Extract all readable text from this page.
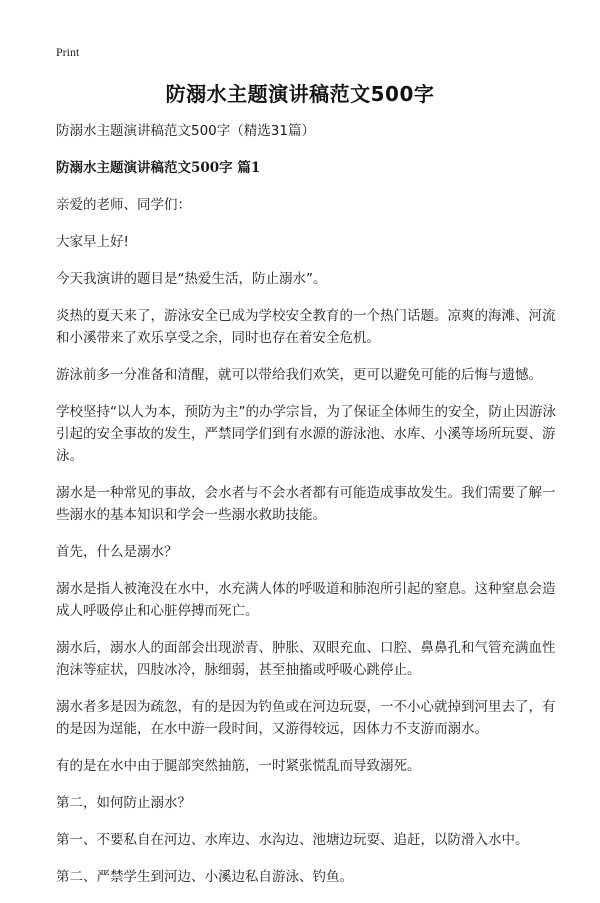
Print
防溺水主题演讲稿范文500字

防溺水主题演讲稿范文500字（精选31篇）

防溺水主题演讲稿范文500字 篇1

亲爱的老师、同学们：

大家早上好!

今天我演讲的题目是“热爱生活，防止溺水”。

炎热的夏天来了，游泳安全已成为学校安全教育的一个热门话题。凉爽的海滩、河流和小溪带来了欢乐享受之余，同时也存在着安全危机。

游泳前多一分准备和清醒，就可以带给我们欢笑，更可以避免可能的后悔与遗憾。

学校坚持“以人为本，预防为主”的办学宗旨，为了保证全体师生的安全，防止因游泳引起的安全事故的发生，严禁同学们到有水源的游泳池、水库、小溪等场所玩耍、游泳。

溺水是一种常见的事故，会水者与不会水者都有可能造成事故发生。我们需要了解一些溺水的基本知识和学会一些溺水救助技能。

首先，什么是溺水？

溺水是指人被淹没在水中，水充满人体的呼吸道和肺泡所引起的窒息。这种窒息会造成人呼吸停止和心脏停搏而死亡。

溺水后，溺水人的面部会出现淤青、肿胀、双眼充血、口腔、鼻鼻孔和气管充满血性泡沫等症状，四肢冰冷，脉细弱，甚至抽搐或呼吸心跳停止。

溺水者多是因为疏忽，有的是因为钓鱼或在河边玩耍，一不小心就掉到河里去了，有的是因为逞能，在水中游一段时间，又游得较远，因体力不支游而溺水。

有的是在水中由于腿部突然抽筋，一时紧张慌乱而导致溺死。

第二，如何防止溺水？

第一、不要私自在河边、水库边、水沟边、池塘边玩耍、追赶，以防滑入水中。

第二、严禁学生到河边、小溪边私自游泳、钓鱼。
